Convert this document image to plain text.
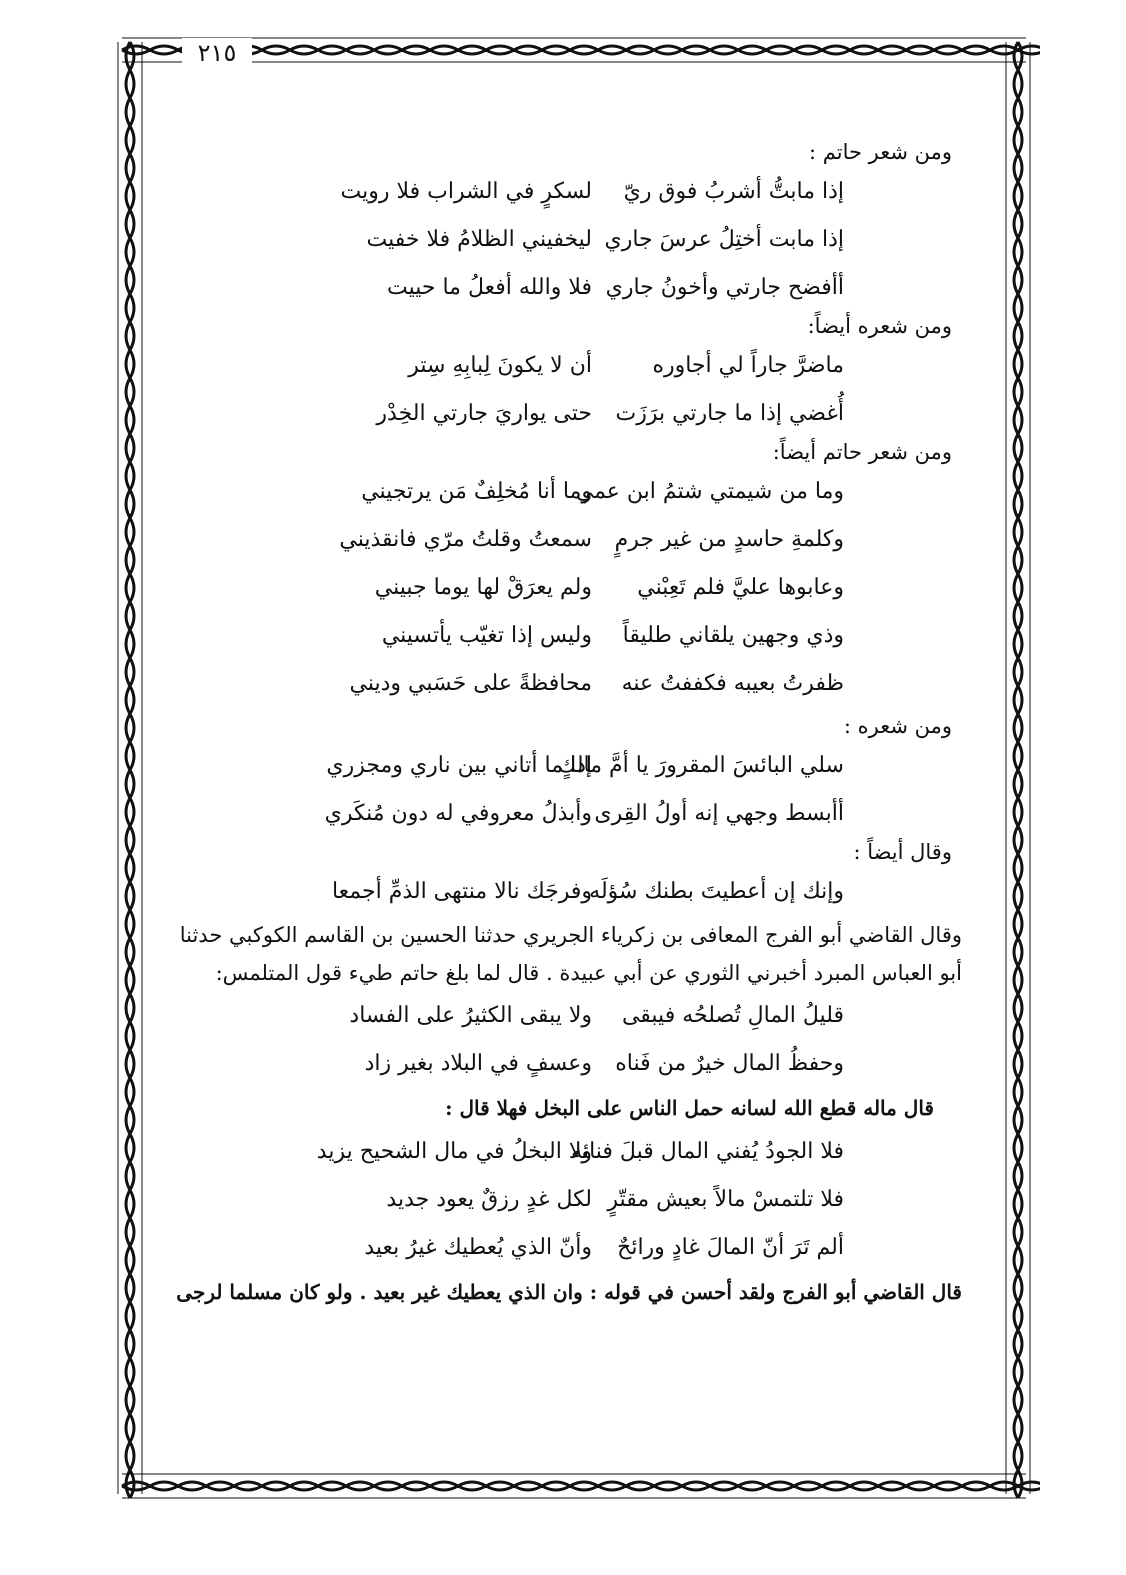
٢١٥
ومن شعر حاتم :
إذا مابتُّ أشربُ فوق ريّ
لسكرٍ في الشراب فلا رويت
إذا مابت أختِلُ عرسَ جاري
ليخفيني الظلامُ فلا خفيت
أأفضح جارتي وأخونُ جاري
فلا والله أفعلُ ما حييت
ومن شعره أيضاً:
ماضرَّ جاراً لي أجاوره
أن لا يكونَ لِبابِهِ سِتر
أُغضي إذا ما جارتي برَزَت
حتى يواريَ جارتي الخِدْر
ومن شعر حاتم أيضاً:
وما من شيمتي شتمُ ابن عمي
وما أنا مُخلِفٌ مَن يرتجيني
وكلمةِ حاسدٍ من غير جرمٍ
سمعتُ وقلتُ مرّي فانقذيني
وعابوها عليَّ فلم تَعِبْني
ولم يعرَقْ لها يوما جبيني
وذي وجهين يلقاني طليقاً
وليس إذا تغيّب يأتسيني
ظفرتُ بعيبه فكففتُ عنه
محافظةً على حَسَبي وديني
ومن شعره :
سلي البائسَ المقرورَ يا أمَّ مالكٍ
إذا ما أتاني بين ناري ومجزري
أأبسط وجهي إنه أولُ القِرى
وأبذلُ معروفي له دون مُنكَري
وقال أيضاً :
وإنك إن أعطيتَ بطنك سُؤلَه
وفرجَك نالا منتهى الذمِّ أجمعا
وقال القاضي أبو الفرج المعافى بن زكرياء الجريري حدثنا الحسين بن القاسم الكوكبي حدثنا
أبو العباس المبرد أخبرني الثوري عن أبي عبيدة . قال لما بلغ حاتم طيء قول المتلمس:
قليلُ المالِ تُصلحُه فيبقى
ولا يبقى الكثيرُ على الفساد
وحفظُ المال خيرٌ من فَناه
وعسفٍ في البلاد بغير زاد
قال ماله قطع الله لسانه حمل الناس على البخل فهلا قال :
فلا الجودُ يُفني المال قبلَ فنائه
ولا البخلُ في مال الشحيح يزيد
فلا تلتمسْ مالاً بعيش مقتّرٍ
لكل غدٍ رزقٌ يعود جديد
ألم تَرَ أنّ المالَ غادٍ ورائحٌ
وأنّ الذي يُعطيك غيرُ بعيد
قال القاضي أبو الفرج ولقد أحسن في قوله : وان الذي يعطيك غير بعيد . ولو كان مسلما لرجى
